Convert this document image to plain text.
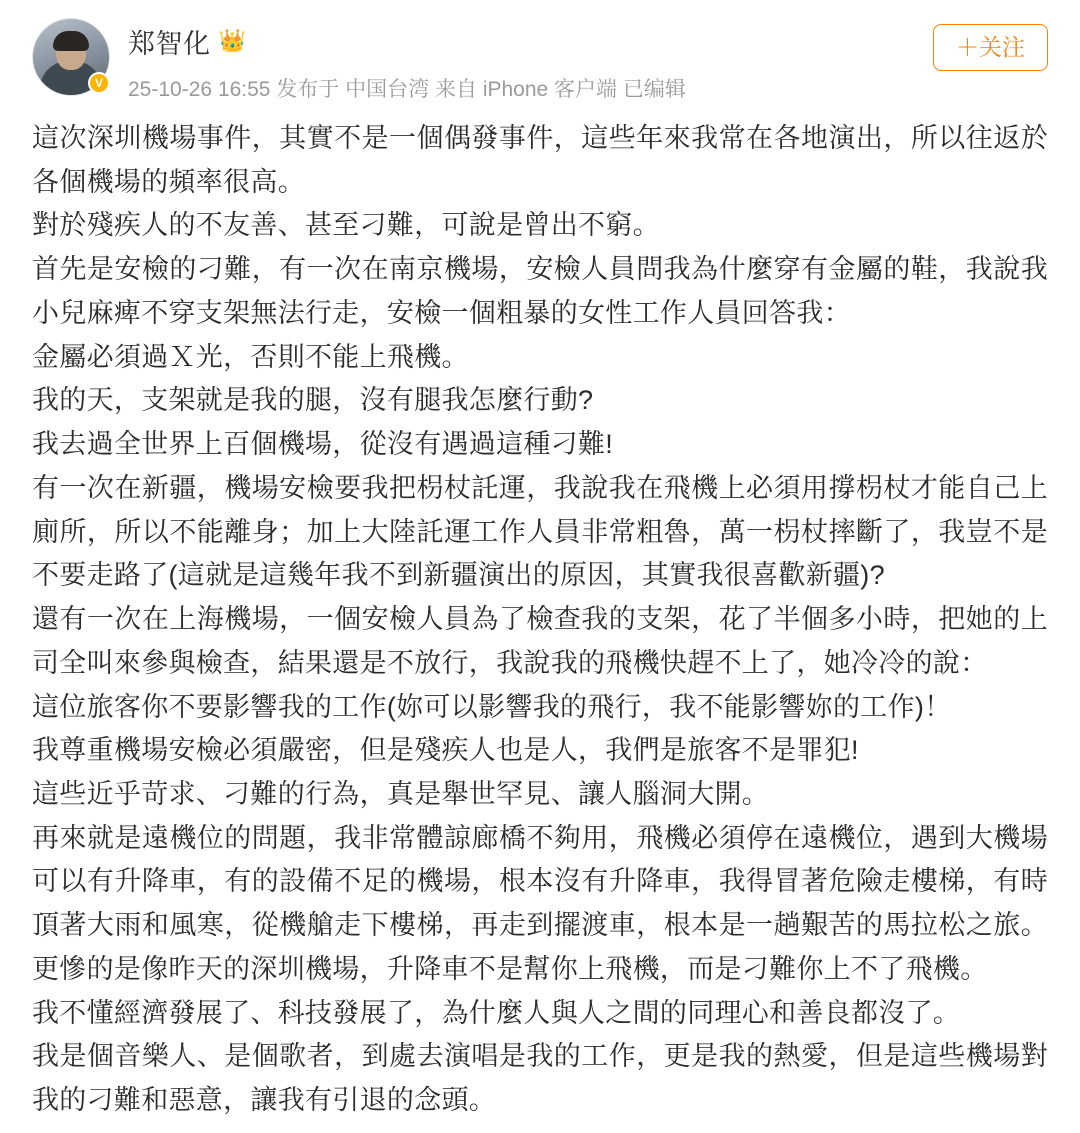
V
郑智化 👑
25-10-26 16:55 发布于 中国台湾 来自 iPhone 客户端 已编辑
＋关注

這次深圳機場事件，其實不是一個偶發事件，這些年來我常在各地演出，所以往返於各個機場的頻率很高。

對於殘疾人的不友善、甚至刁難，可說是曾出不窮。

首先是安檢的刁難，有一次在南京機場，安檢人員問我為什麼穿有金屬的鞋，我說我小兒麻痺不穿支架無法行走，安檢一個粗暴的女性工作人員回答我：

金屬必須過Ｘ光，否則不能上飛機。

我的天，支架就是我的腿，沒有腿我怎麼行動?

我去過全世界上百個機場，從沒有遇過這種刁難!

有一次在新疆，機場安檢要我把枴杖託運，我說我在飛機上必須用撐枴杖才能自己上廁所，所以不能離身；加上大陸託運工作人員非常粗魯，萬一枴杖摔斷了，我豈不是不要走路了(這就是這幾年我不到新疆演出的原因，其實我很喜歡新疆)?

還有一次在上海機場，一個安檢人員為了檢查我的支架，花了半個多小時，把她的上司全叫來參與檢查，結果還是不放行，我說我的飛機快趕不上了，她冷冷的說：

這位旅客你不要影響我的工作(妳可以影響我的飛行，我不能影響妳的工作)！

我尊重機場安檢必須嚴密，但是殘疾人也是人，我們是旅客不是罪犯!

這些近乎苛求、刁難的行為，真是舉世罕見、讓人腦洞大開。

再來就是遠機位的問題，我非常體諒廊橋不夠用，飛機必須停在遠機位，遇到大機場可以有升降車，有的設備不足的機場，根本沒有升降車，我得冒著危險走樓梯，有時頂著大雨和風寒，從機艙走下樓梯，再走到擺渡車，根本是一趟艱苦的馬拉松之旅。更慘的是像昨天的深圳機場，升降車不是幫你上飛機，而是刁難你上不了飛機。

我不懂經濟發展了、科技發展了，為什麼人與人之間的同理心和善良都沒了。

我是個音樂人、是個歌者，到處去演唱是我的工作，更是我的熱愛，但是這些機場對我的刁難和惡意，讓我有引退的念頭。
